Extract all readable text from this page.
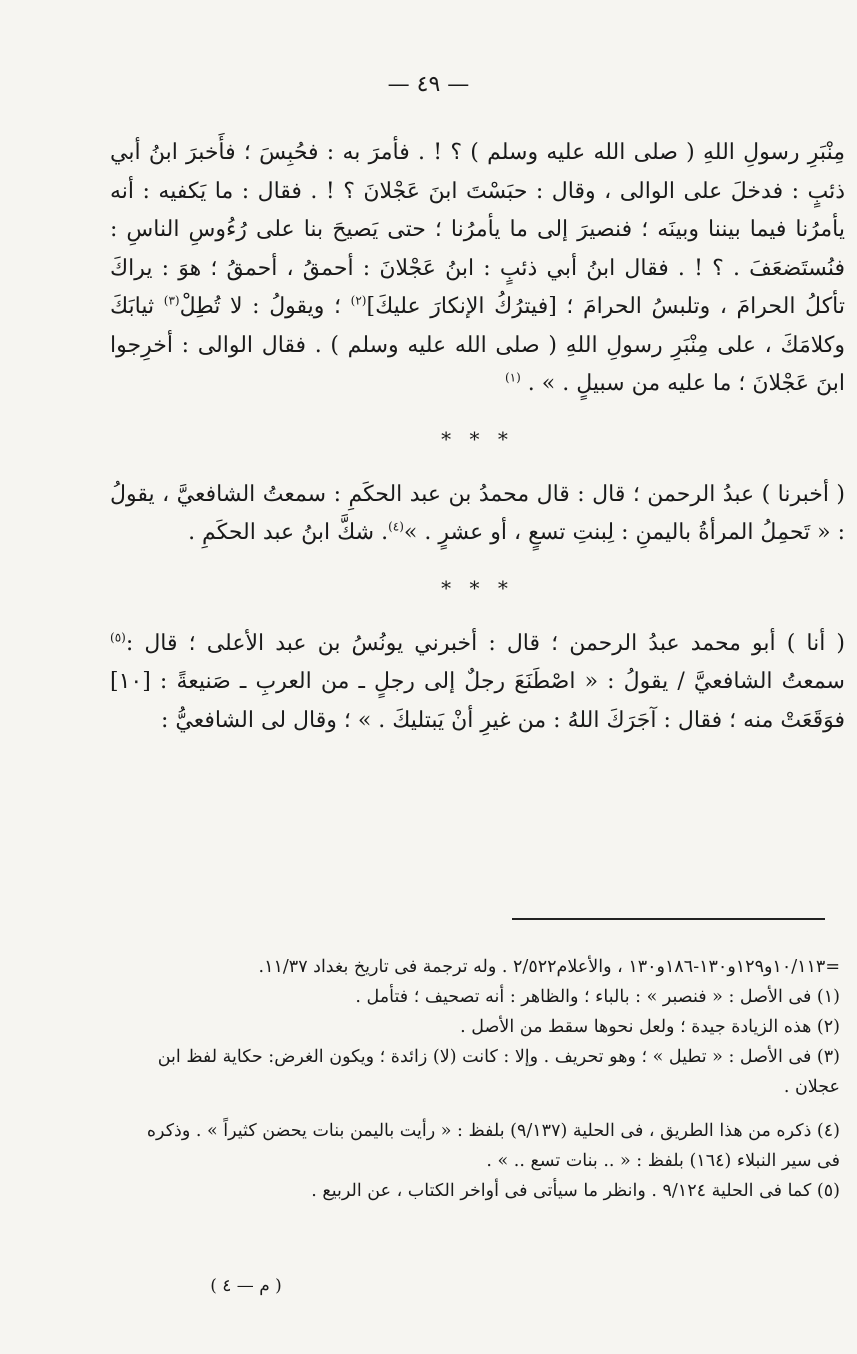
— ٤٩ —

مِنْبَرِ رسولِ اللهِ ( صلى الله عليه وسلم ) ؟ ! . فأمرَ به : فحُبِسَ ؛ فأَخبرَ ابنُ أبي ذئبٍ : فدخلَ على الوالى ، وقال : حبَسْتَ ابنَ عَجْلانَ ؟ ! . فقال : ما يَكفيه : أنه يأمرُنا فيما بيننا وبينَه ؛ فنصيرَ إلى ما يأمرُنا ؛ حتى يَصيحَ بنا على رُءُوسِ الناسِ : فنُستَضعَفَ . ؟ ! . فقال ابنُ أبي ذئبٍ : ابنُ عَجْلانَ : أحمقُ ، أحمقُ ؛ هوَ : يراكَ تأكلُ الحرامَ ، وتلبسُ الحرامَ ؛ [فيترُكُ الإنكارَ عليكَ]$^{(٢)}$ ؛ ويقولُ : لا تُطِلْ$^{(٣)}$ ثيابَكَ وكلامَكَ ، على مِنْبَرِ رسولِ اللهِ ( صلى الله عليه وسلم ) . فقال الوالى : أخرِجوا ابنَ عَجْلانَ ؛ ما عليه من سبيلٍ . » . $^{(١)}$

* * *

( أخبرنا ) عبدُ الرحمن ؛ قال : قال محمدُ بن عبد الحكَمِ : سمعتُ الشافعيَّ ، يقولُ : « تَحمِلُ المرأةُ باليمنِ : لِبنتِ تسعٍ ، أو عشرٍ . »$^{(٤)}$. شكَّ ابنُ عبد الحكَمِ .

* * *

( أنا ) أبو محمد عبدُ الرحمن ؛ قال : أخبرني يونُسُ بن عبد الأعلى ؛ قال :$^{(٥)}$ سمعتُ الشافعيَّ / يقولُ : « اصْطَنَعَ رجلٌ إلى رجلٍ ـ من العربِ ـ صَنيعةً : [١٠] فوَقَعَتْ منه ؛ فقال : آجَرَكَ اللهُ : من غيرِ أنْ يَبتليكَ . » ؛ وقال لى الشافعيُّ :

=١٠/١١٣و١٢٩و١٣٠-١٨٦و١٣٠ ، والأعلام٢/٥٢٢ . وله ترجمة فى تاريخ بغداد ١١/٣٧.

(١) فى الأصل : « فنصبر » : بالباء ؛ والظاهر : أنه تصحيف ؛ فتأمل .

(٢) هذه الزيادة جيدة ؛ ولعل نحوها سقط من الأصل .

(٣) فى الأصل : « تطيل » ؛ وهو تحريف . وإلا : كانت (لا) زائدة ؛ ويكون الغرض: حكاية لفظ ابن عجلان .

(٤) ذكره من هذا الطريق ، فى الحلية (٩/١٣٧) بلفظ : « رأيت باليمن بنات يحضن كثيراً » . وذكره فى سير النبلاء (١٦٤) بلفظ : « .. بنات تسع .. » .

(٥) كما فى الحلية ٩/١٢٤ . وانظر ما سيأتى فى أواخر الكتاب ، عن الربيع .

( م — ٤ )
